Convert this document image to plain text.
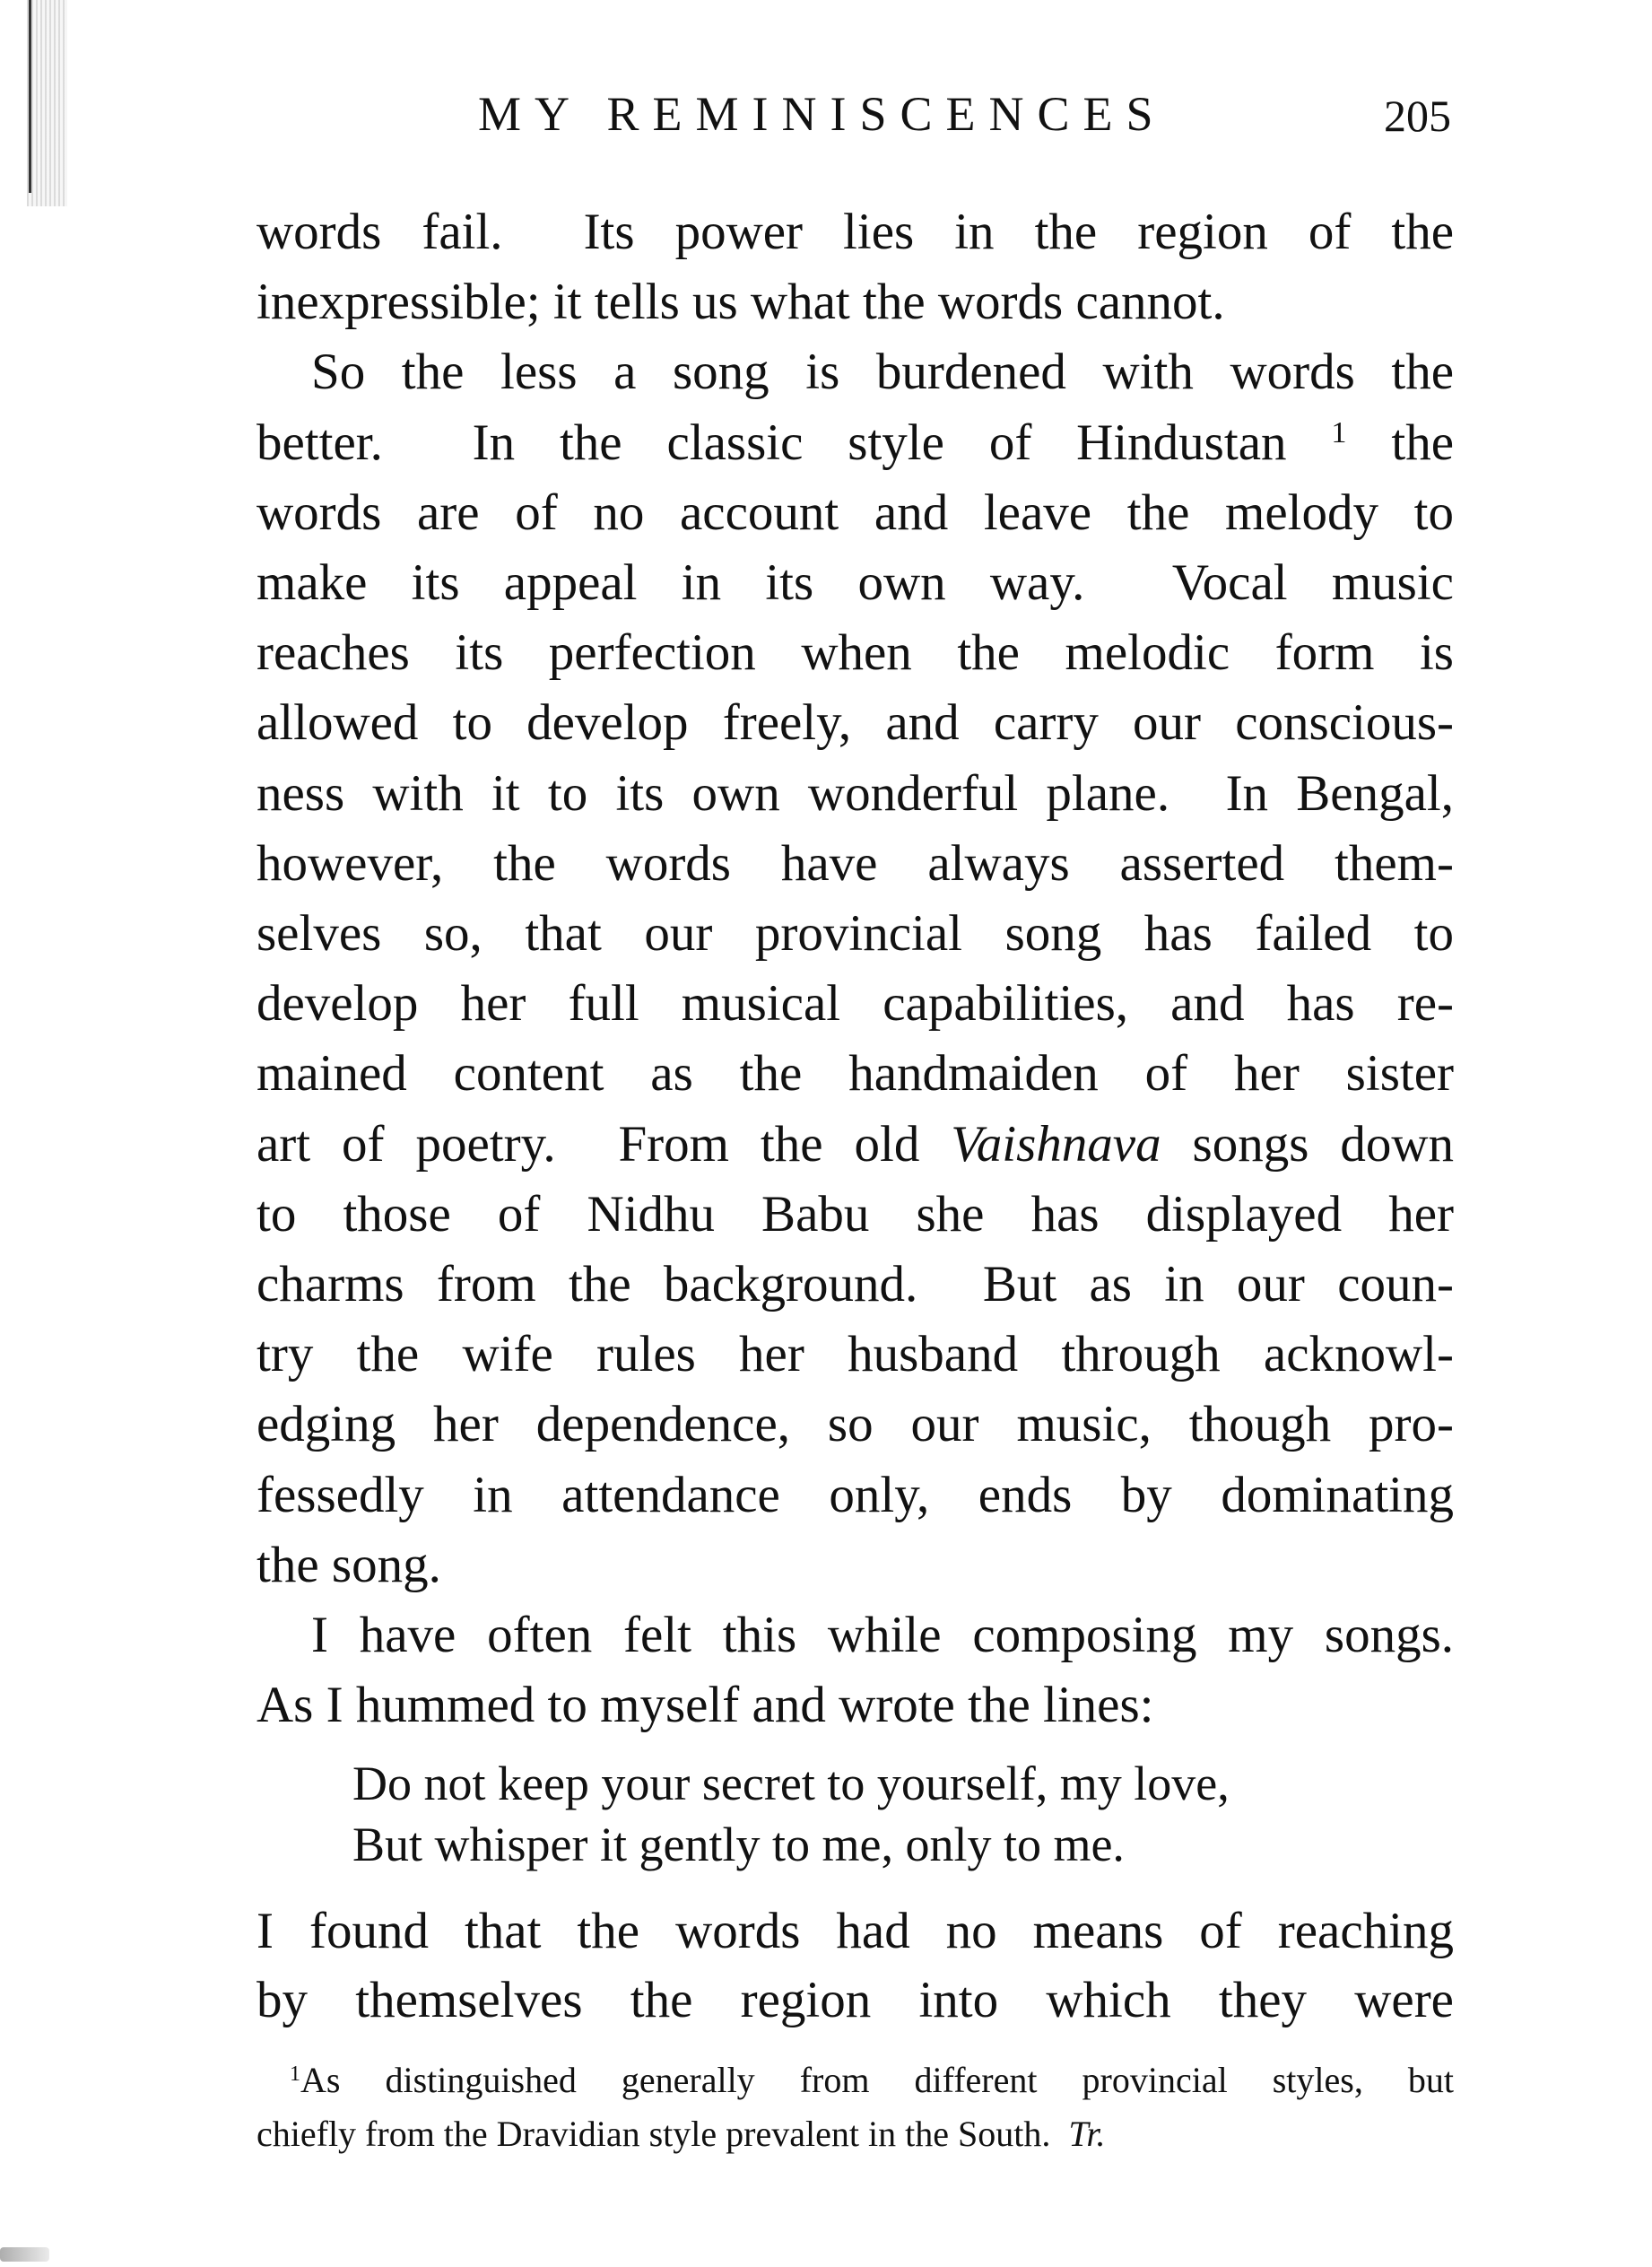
MY REMINISCENCES	205
words fail.  Its power lies in the region of the
inexpressible; it tells us what the words cannot.
So the less a song is burdened with words the
better.  In the classic style of Hindustan $^1$ the
words are of no account and leave the melody to
make its appeal in its own way.  Vocal music
reaches its perfection when the melodic form is
allowed to develop freely, and carry our conscious-
ness with it to its own wonderful plane.  In Bengal,
however, the words have always asserted them-
selves so, that our provincial song has failed to
develop her full musical capabilities, and has re-
mained content as the handmaiden of her sister
art of poetry.  From the old Vaishnava songs down
to those of Nidhu Babu she has displayed her
charms from the background.  But as in our coun-
try the wife rules her husband through acknowl-
edging her dependence, so our music, though pro-
fessedly in attendance only, ends by dominating
the song.
I have often felt this while composing my songs.
As I hummed to myself and wrote the lines:
Do not keep your secret to yourself, my love,
But whisper it gently to me, only to me.
I found that the words had no means of reaching
by themselves the region into which they were
$^1$As distinguished generally from different provincial styles, but
chiefly from the Dravidian style prevalent in the South.  Tr.
